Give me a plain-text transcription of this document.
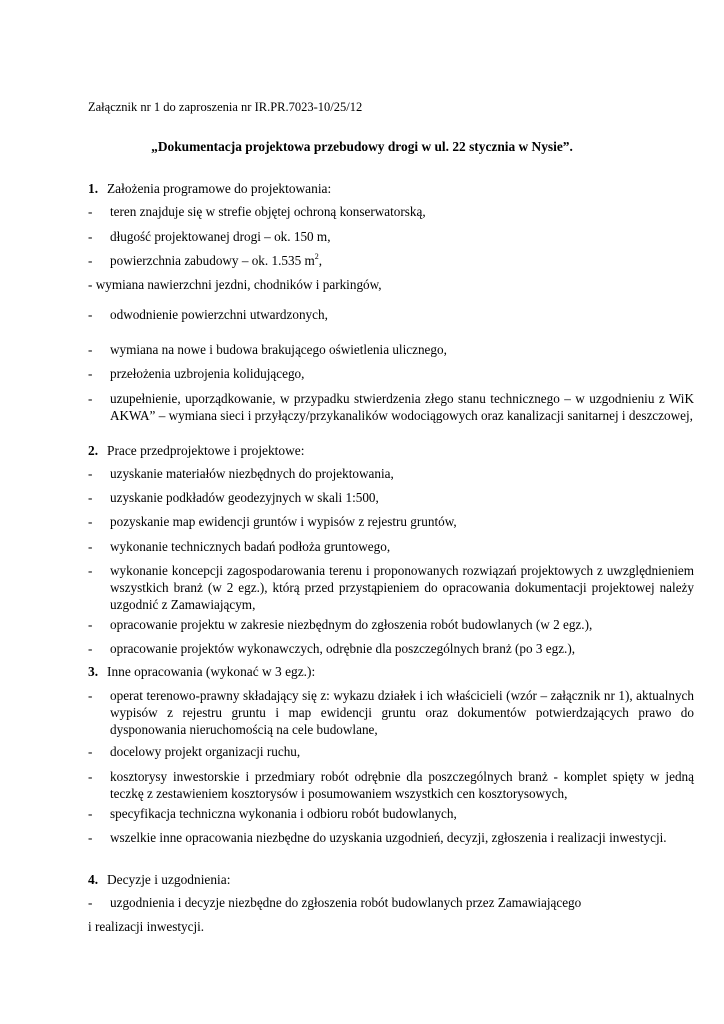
Załącznik nr 1 do zaproszenia nr IR.PR.7023-10/25/12
„Dokumentacja projektowa przebudowy drogi w ul. 22 stycznia w Nysie”.
1. Założenia programowe do projektowania:
- teren znajduje się w strefie objętej ochroną konserwatorską,
- długość projektowanej drogi – ok. 150 m,
- powierzchnia zabudowy – ok. 1.535 $m^2$,
- wymiana nawierzchni jezdni, chodników i parkingów,
- odwodnienie powierzchni utwardzonych,
- wymiana na nowe i budowa brakującego oświetlenia ulicznego,
- przełożenia uzbrojenia kolidującego,
- uzupełnienie, uporządkowanie, w przypadku stwierdzenia złego stanu technicznego – w uzgodnieniu z WiK AKWA” – wymiana sieci i przyłączy/przykanalików wodociągowych oraz kanalizacji sanitarnej i deszczowej,
2. Prace przedprojektowe i projektowe:
- uzyskanie materiałów niezbędnych do projektowania,
- uzyskanie podkładów geodezyjnych w skali 1:500,
- pozyskanie map ewidencji gruntów i wypisów z rejestru gruntów,
- wykonanie technicznych badań podłoża gruntowego,
- wykonanie koncepcji zagospodarowania terenu i proponowanych rozwiązań projektowych z uwzględnieniem wszystkich branż (w 2 egz.), którą przed przystąpieniem do opracowania dokumentacji projektowej należy uzgodnić z Zamawiającym,
- opracowanie projektu w zakresie niezbędnym do zgłoszenia robót budowlanych (w 2 egz.),
- opracowanie projektów wykonawczych, odrębnie dla poszczególnych branż (po 3 egz.),
3. Inne opracowania (wykonać w 3 egz.):
- operat terenowo-prawny składający się z: wykazu działek i ich właścicieli (wzór – załącznik nr 1), aktualnych wypisów z rejestru gruntu i map ewidencji gruntu oraz dokumentów potwierdzających prawo do dysponowania nieruchomością na cele budowlane,
- docelowy projekt organizacji ruchu,
- kosztorysy inwestorskie i przedmiary robót odrębnie dla poszczególnych branż - komplet spięty w jedną teczkę z zestawieniem kosztorysów i posumowaniem wszystkich cen kosztorysowych,
- specyfikacja techniczna wykonania i odbioru robót budowlanych,
- wszelkie inne opracowania niezbędne do uzyskania uzgodnień, decyzji, zgłoszenia i realizacji inwestycji.
4. Decyzje i uzgodnienia:
- uzgodnienia i decyzje niezbędne do zgłoszenia robót budowlanych przez Zamawiającego
i realizacji inwestycji.
